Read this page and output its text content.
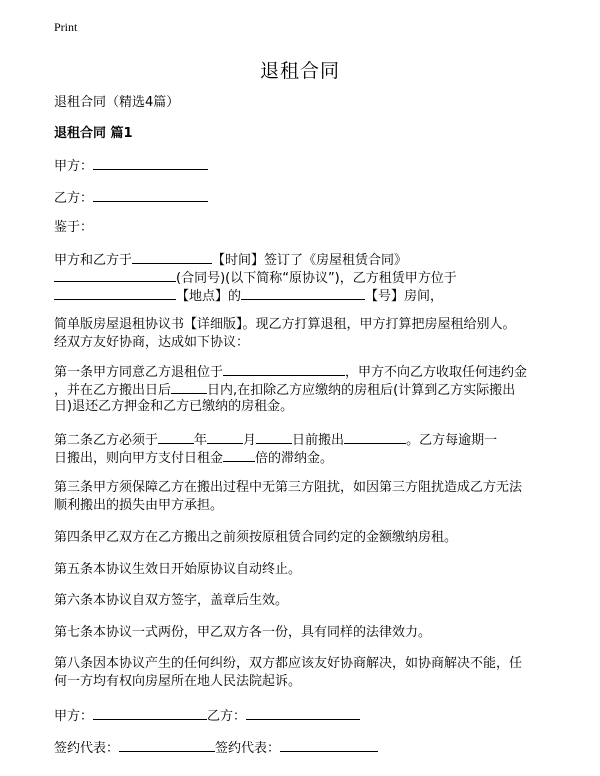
Print
退租合同
退租合同（精选4篇）
退租合同 篇1
甲方：
乙方：
鉴于：
甲方和乙方于	【时间】签订了《房屋租赁合同》
(合同号)(以下简称“原协议”)，乙方租赁甲方位于
【地点】的	【号】房间，
简单版房屋退租协议书【详细版】。现乙方打算退租，甲方打算把房屋租给别人。
经双方友好协商，达成如下协议：
第一条甲方同意乙方退租位于	，甲方不向乙方收取任何违约金
，并在乙方搬出日后	日内,在扣除乙方应缴纳的房租后(计算到乙方实际搬出
日)退还乙方押金和乙方已缴纳的房租金。
第二条乙方必须于	年	月	日前搬出	。乙方每逾期一
日搬出，则向甲方支付日租金 倍的滞纳金。
第三条甲方须保障乙方在搬出过程中无第三方阻扰，如因第三方阻扰造成乙方无法
顺利搬出的损失由甲方承担。
第四条甲乙双方在乙方搬出之前须按原租赁合同约定的金额缴纳房租。
第五条本协议生效日开始原协议自动终止。
第六条本协议自双方签字，盖章后生效。
第七条本协议一式两份，甲乙双方各一份，具有同样的法律效力。
第八条因本协议产生的任何纠纷，双方都应该友好协商解决，如协商解决不能，任
何一方均有权向房屋所在地人民法院起诉。
甲方：	乙方：
签约代表：	签约代表：
